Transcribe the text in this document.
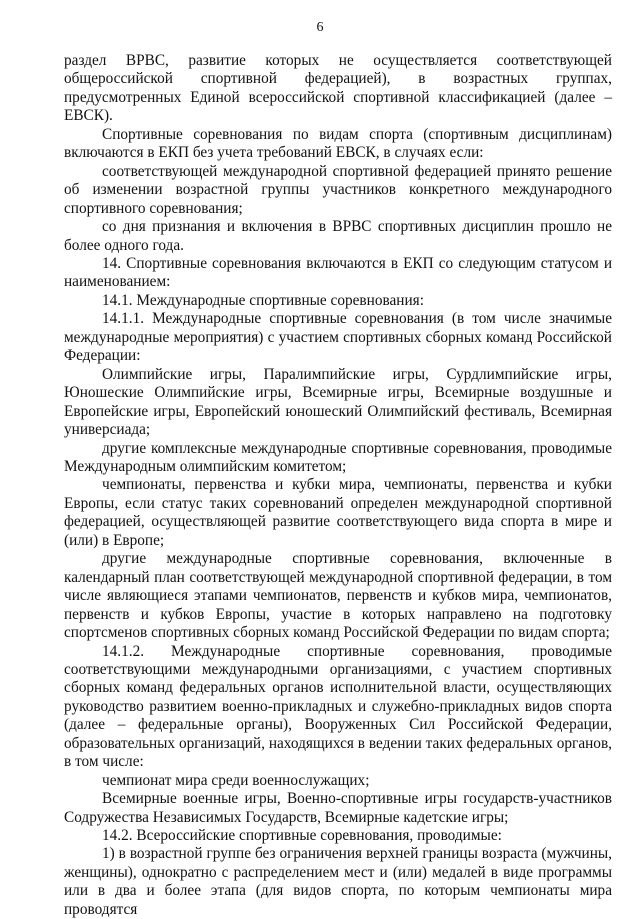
6

раздел ВРВС, развитие которых не осуществляется соответствующей общероссийской спортивной федерацией), в возрастных группах, предусмотренных Единой всероссийской спортивной классификацией (далее – ЕВСК).

Спортивные соревнования по видам спорта (спортивным дисциплинам) включаются в ЕКП без учета требований ЕВСК, в случаях если:

соответствующей международной спортивной федерацией принято решение об изменении возрастной группы участников конкретного международного спортивного соревнования;

со дня признания и включения в ВРВС спортивных дисциплин прошло не более одного года.

14. Спортивные соревнования включаются в ЕКП со следующим статусом и наименованием:

14.1. Международные спортивные соревнования:

14.1.1. Международные спортивные соревнования (в том числе значимые международные мероприятия) с участием спортивных сборных команд Российской Федерации:

Олимпийские игры, Паралимпийские игры, Сурдлимпийские игры, Юношеские Олимпийские игры, Всемирные игры, Всемирные воздушные и Европейские игры, Европейский юношеский Олимпийский фестиваль, Всемирная универсиада;

другие комплексные международные спортивные соревнования, проводимые Международным олимпийским комитетом;

чемпионаты, первенства и кубки мира, чемпионаты, первенства и кубки Европы, если статус таких соревнований определен международной спортивной федерацией, осуществляющей развитие соответствующего вида спорта в мире и (или) в Европе;

другие международные спортивные соревнования, включенные в календарный план соответствующей международной спортивной федерации, в том числе являющиеся этапами чемпионатов, первенств и кубков мира, чемпионатов, первенств и кубков Европы, участие в которых направлено на подготовку спортсменов спортивных сборных команд Российской Федерации по видам спорта;

14.1.2. Международные спортивные соревнования, проводимые соответствующими международными организациями, с участием спортивных сборных команд федеральных органов исполнительной власти, осуществляющих руководство развитием военно-прикладных и служебно-прикладных видов спорта (далее – федеральные органы), Вооруженных Сил Российской Федерации, образовательных организаций, находящихся в ведении таких федеральных органов, в том числе:

чемпионат мира среди военнослужащих;

Всемирные военные игры, Военно-спортивные игры государств-участников Содружества Независимых Государств, Всемирные кадетские игры;

14.2. Всероссийские спортивные соревнования, проводимые:

1) в возрастной группе без ограничения верхней границы возраста (мужчины, женщины), однократно с распределением мест и (или) медалей в виде программы или в два и более этапа (для видов спорта, по которым чемпионаты мира проводятся
